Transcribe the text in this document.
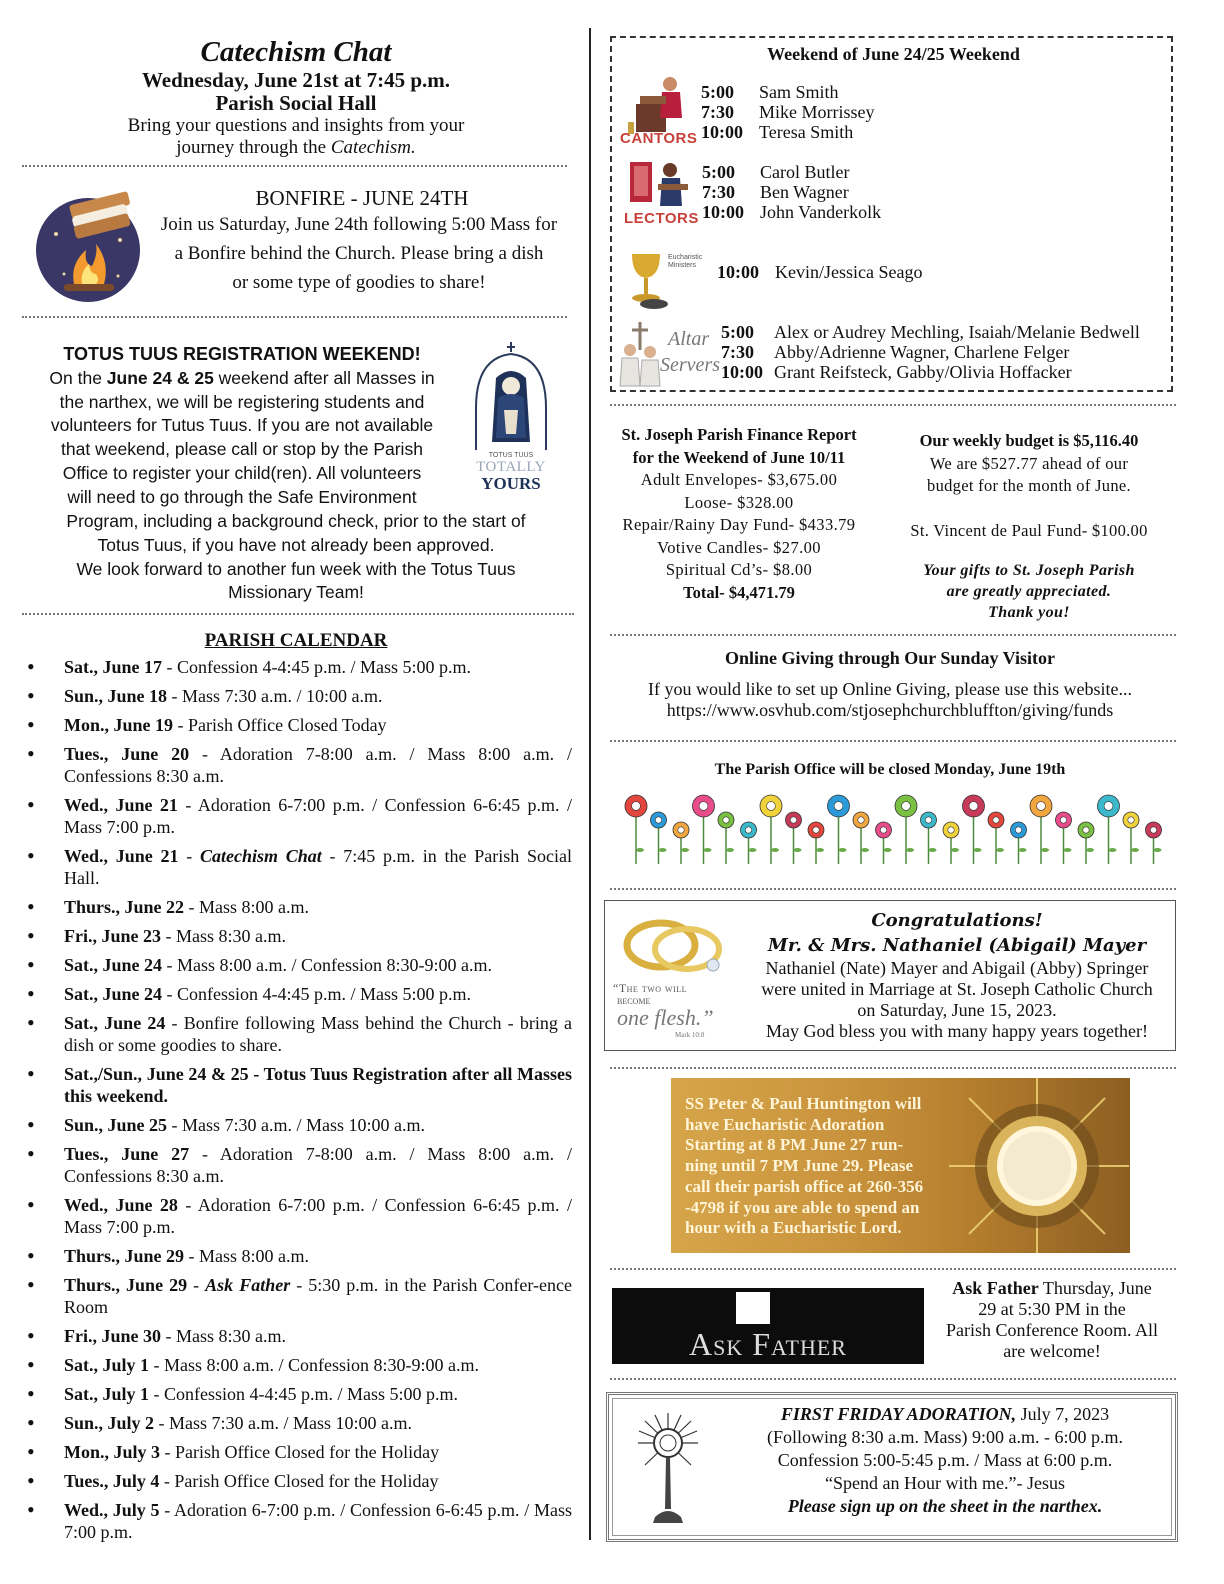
Catechism Chat
Wednesday, June 21st at 7:45 p.m.
Parish Social Hall
Bring your questions and insights from your
journey through the Catechism.
BONFIRE - JUNE 24TH
Join us Saturday, June 24th following 5:00 Mass for
a Bonfire behind the Church. Please bring a dish
or some type of goodies to share!
TOTUS TUUS REGISTRATION WEEKEND!
On the June 24 & 25 weekend after all Masses in
the narthex, we will be registering students and
volunteers for Tutus Tuus. If you are not available
that weekend, please call or stop by the Parish
Office to register your child(ren). All volunteers
will need to go through the Safe Environment
Program, including a background check, prior to the start of
Totus Tuus, if you have not already been approved.
We look forward to another fun week with the Totus Tuus
Missionary Team!
TOTUS TUUS
TOTALLY
YOURS
PARISH CALENDAR
• Sat., June 17 - Confession 4-4:45 p.m. / Mass 5:00 p.m.
• Sun., June 18 - Mass 7:30 a.m. / 10:00 a.m.
• Mon., June 19 - Parish Office Closed Today
• Tues., June 20 - Adoration 7-8:00 a.m. / Mass 8:00 a.m. / Confessions 8:30 a.m.
• Wed., June 21 - Adoration 6-7:00 p.m. / Confession 6-6:45 p.m. / Mass 7:00 p.m.
• Wed., June 21 - Catechism Chat - 7:45 p.m. in the Parish Social Hall.
• Thurs., June 22 - Mass 8:00 a.m.
• Fri., June 23 - Mass 8:30 a.m.
• Sat., June 24 - Mass 8:00 a.m. / Confession 8:30-9:00 a.m.
• Sat., June 24 - Confession 4-4:45 p.m. / Mass 5:00 p.m.
• Sat., June 24 - Bonfire following Mass behind the Church - bring a dish or some goodies to share.
• Sat.,/Sun., June 24 & 25 - Totus Tuus Registration after all Masses this weekend.
• Sun., June 25 - Mass 7:30 a.m. / Mass 10:00 a.m.
• Tues., June 27 - Adoration 7-8:00 a.m. / Mass 8:00 a.m. / Confessions 8:30 a.m.
• Wed., June 28 - Adoration 6-7:00 p.m. / Confession 6-6:45 p.m. / Mass 7:00 p.m.
• Thurs., June 29 - Mass 8:00 a.m.
• Thurs., June 29 - Ask Father - 5:30 p.m. in the Parish Confer-ence Room
• Fri., June 30 - Mass 8:30 a.m.
• Sat., July 1 - Mass 8:00 a.m. / Confession 8:30-9:00 a.m.
• Sat., July 1 - Confession 4-4:45 p.m. / Mass 5:00 p.m.
• Sun., July 2 - Mass 7:30 a.m. / Mass 10:00 a.m.
• Mon., July 3 - Parish Office Closed for the Holiday
• Tues., July 4 - Parish Office Closed for the Holiday
• Wed., July 5 - Adoration 6-7:00 p.m. / Confession 6-6:45 p.m. / Mass 7:00 p.m.
Weekend of June 24/25 Weekend
CANTORS
5:00	Sam Smith
7:30	Mike Morrissey
10:00 Teresa Smith
LECTORS
5:00	Carol Butler
7:30	Ben Wagner
10:00 John Vanderkolk
Eucharistic
Ministers	10:00 Kevin/Jessica Seago
Altar
Servers
5:00	Alex or Audrey Mechling, Isaiah/Melanie Bedwell
7:30	Abby/Adrienne Wagner, Charlene Felger
10:00 Grant Reifsteck, Gabby/Olivia Hoffacker
St. Joseph Parish Finance Report
for the Weekend of June 10/11
Adult Envelopes- $3,675.00
Loose- $328.00
Repair/Rainy Day Fund- $433.79
Votive Candles- $27.00
Spiritual Cd’s- $8.00
Total- $4,471.79
Our weekly budget is $5,116.40
We are $527.77 ahead of our
budget for the month of June.
St. Vincent de Paul Fund- $100.00
Your gifts to St. Joseph Parish
are greatly appreciated.
Thank you!
Online Giving through Our Sunday Visitor
If you would like to set up Online Giving, please use this website...
https://www.osvhub.com/stjosephchurchbluffton/giving/funds
The Parish Office will be closed Monday, June 19th
“The two will
become
one flesh.”
Mark 10:8
Congratulations!
Mr. & Mrs. Nathaniel (Abigail) Mayer
Nathaniel (Nate) Mayer and Abigail (Abby) Springer
were united in Marriage at St. Joseph Catholic Church
on Saturday, June 15, 2023.
May God bless you with many happy years together!
SS Peter & Paul Huntington will
have Eucharistic Adoration
Starting at 8 PM June 27 run-
ning until 7 PM June 29. Please
call their parish office at 260-356
-4798 if you are able to spend an
hour with a Eucharistic Lord.
Ask Father
Ask Father Thursday, June
29 at 5:30 PM in the
Parish Conference Room. All
are welcome!
FIRST FRIDAY ADORATION, July 7, 2023
(Following 8:30 a.m. Mass) 9:00 a.m. - 6:00 p.m.
Confession 5:00-5:45 p.m. / Mass at 6:00 p.m.
“Spend an Hour with me.”- Jesus
Please sign up on the sheet in the narthex.
